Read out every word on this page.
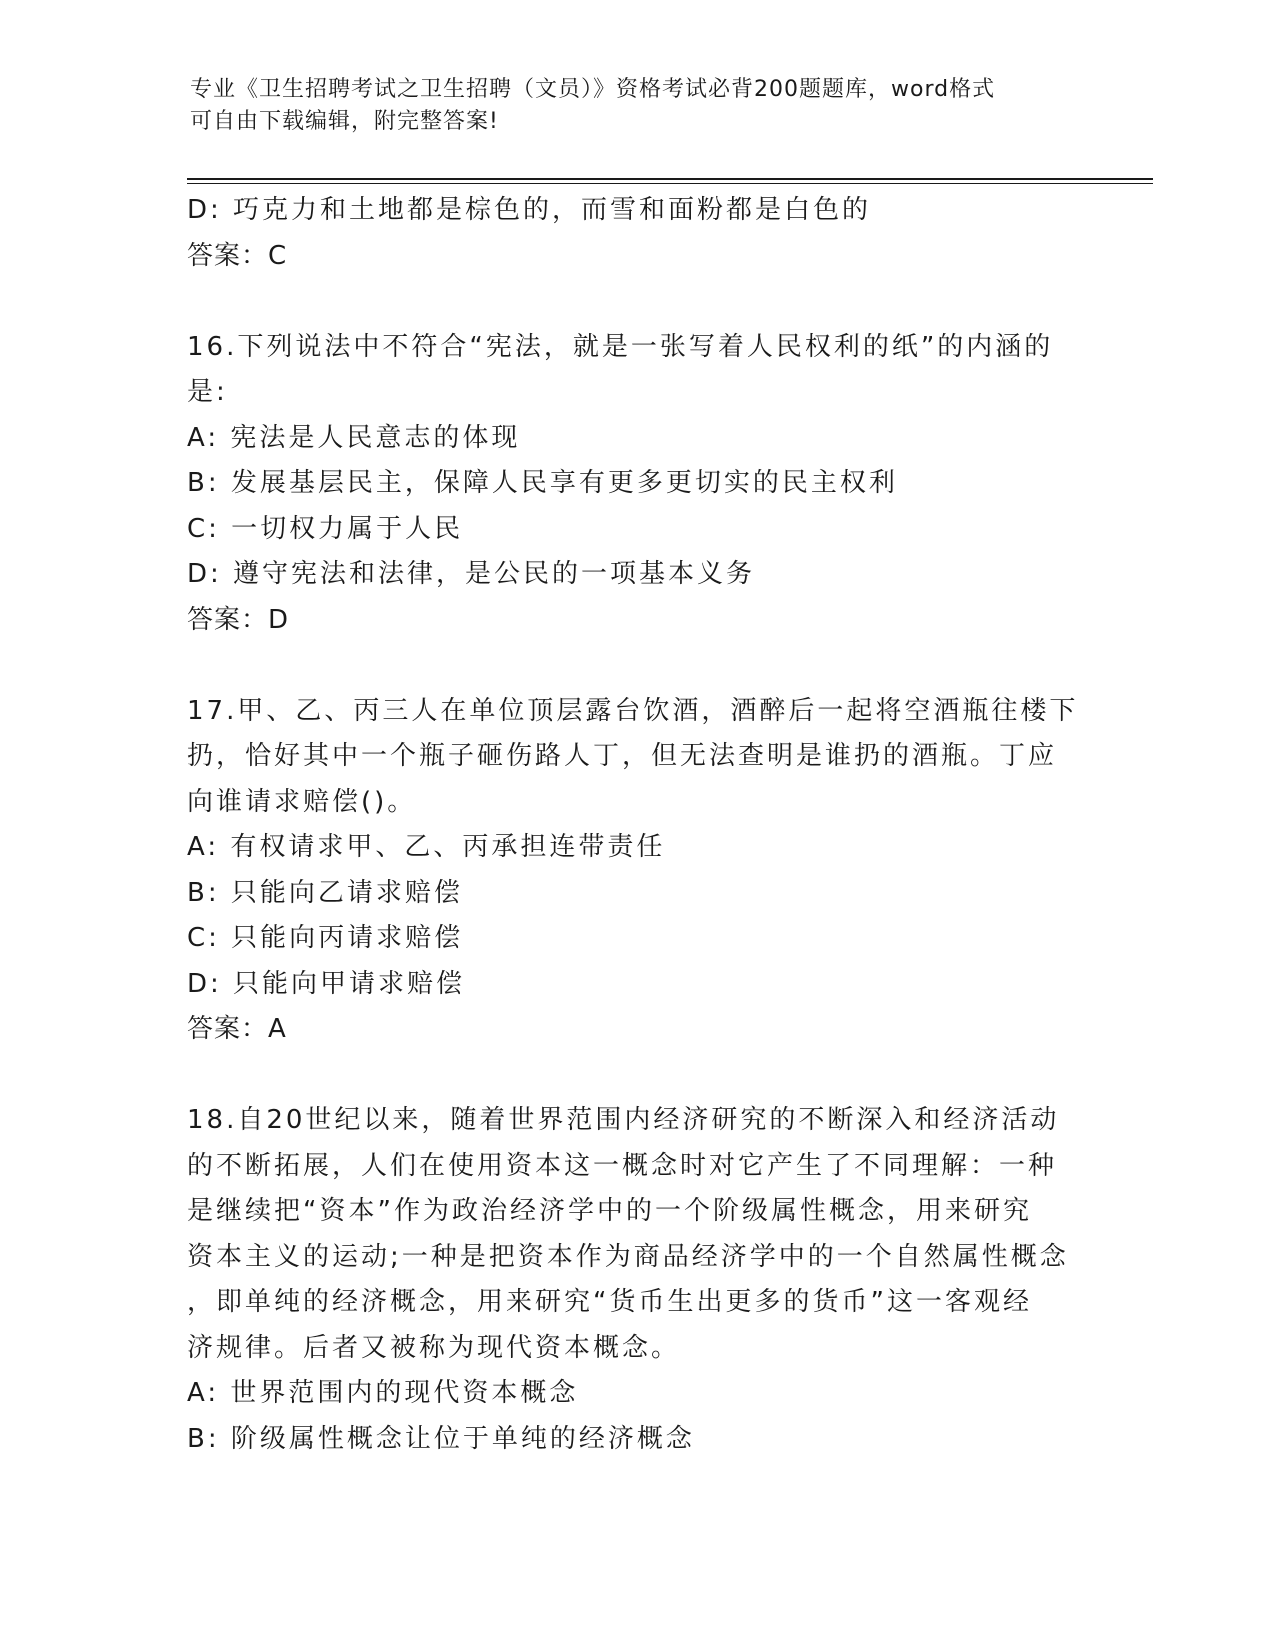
专业《卫生招聘考试之卫生招聘（文员）》资格考试必背200题题库，word格式
可自由下载编辑，附完整答案!
D: 巧克力和土地都是棕色的，而雪和面粉都是白色的
答案：C
16.下列说法中不符合“宪法，就是一张写着人民权利的纸”的内涵的
是:
A: 宪法是人民意志的体现
B: 发展基层民主，保障人民享有更多更切实的民主权利
C: 一切权力属于人民
D: 遵守宪法和法律，是公民的一项基本义务
答案：D
17.甲、乙、丙三人在单位顶层露台饮酒，酒醉后一起将空酒瓶往楼下
扔，恰好其中一个瓶子砸伤路人丁，但无法查明是谁扔的酒瓶。丁应
向谁请求赔偿()。
A: 有权请求甲、乙、丙承担连带责任
B: 只能向乙请求赔偿
C: 只能向丙请求赔偿
D: 只能向甲请求赔偿
答案：A
18.自20世纪以来，随着世界范围内经济研究的不断深入和经济活动
的不断拓展，人们在使用资本这一概念时对它产生了不同理解：一种
是继续把“资本”作为政治经济学中的一个阶级属性概念，用来研究
资本主义的运动;一种是把资本作为商品经济学中的一个自然属性概念
，即单纯的经济概念，用来研究“货币生出更多的货币”这一客观经
济规律。后者又被称为现代资本概念。
A: 世界范围内的现代资本概念
B: 阶级属性概念让位于单纯的经济概念
